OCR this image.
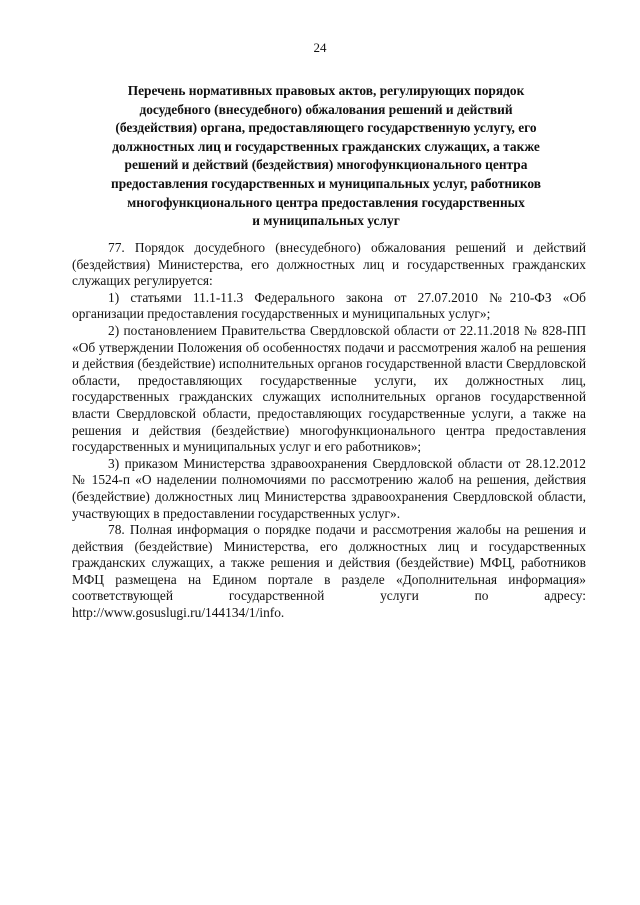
24
Перечень нормативных правовых актов, регулирующих порядок
досудебного (внесудебного) обжалования решений и действий
(бездействия) органа, предоставляющего государственную услугу, его
должностных лиц и государственных гражданских служащих, а также
решений и действий (бездействия) многофункционального центра
предоставления государственных и муниципальных услуг, работников
многофункционального центра предоставления государственных
и муниципальных услуг

77. Порядок досудебного (внесудебного) обжалования решений и действий (бездействия) Министерства, его должностных лиц и государственных гражданских служащих регулируется:

1) статьями 11.1-11.3 Федерального закона от 27.07.2010 №210-ФЗ «Об организации предоставления государственных и муниципальных услуг»;

2) постановлением Правительства Свердловской области от 22.11.2018 № 828-ПП «Об утверждении Положения об особенностях подачи и рассмотрения жалоб на решения и действия (бездействие) исполнительных органов государственной власти Свердловской области, предоставляющих государственные услуги, их должностных лиц, государственных гражданских служащих исполнительных органов государственной власти Свердловской области, предоставляющих государственные услуги, а также на решения и действия (бездействие) многофункционального центра предоставления государственных и муниципальных услуг и его работников»;

3) приказом Министерства здравоохранения Свердловской области от 28.12.2012 № 1524-п «О наделении полномочиями по рассмотрению жалоб на решения, действия (бездействие) должностных лиц Министерства здравоохранения Свердловской области, участвующих в предоставлении государственных услуг».

78. Полная информация о порядке подачи и рассмотрения жалобы на решения и действия (бездействие) Министерства, его должностных лиц и государственных гражданских служащих, а также решения и действия (бездействие) МФЦ, работников МФЦ размещена на Едином портале в разделе «Дополнительная информация» соответствующей государственной услуги по адресу: http://www.gosuslugi.ru/144134/1/info.
